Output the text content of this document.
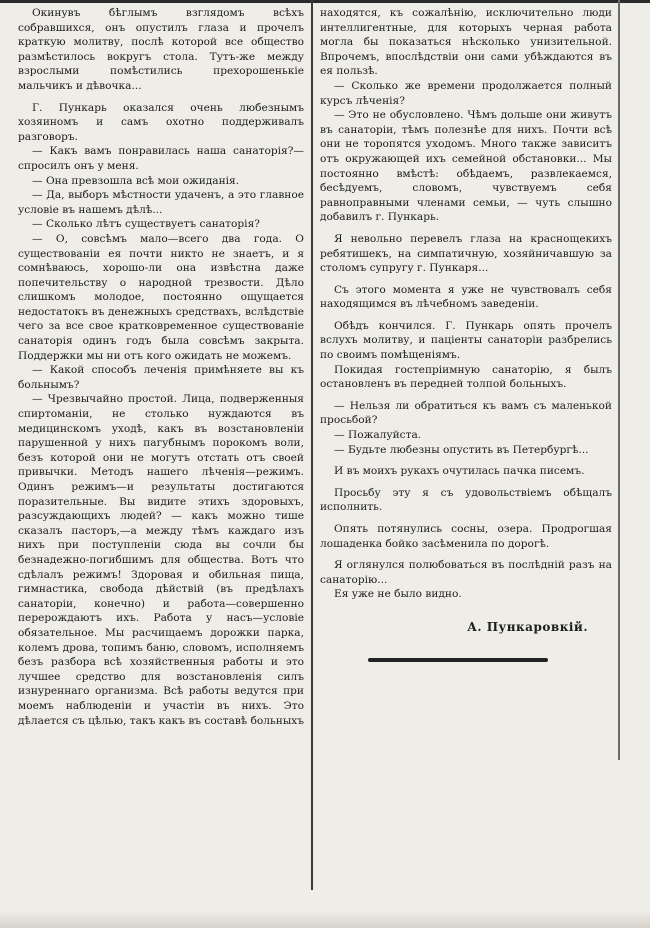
Окинувъ бѣглымъ взглядомъ всѣхъ собравшихся, онъ опустилъ глаза и прочелъ краткую молитву, послѣ которой все общество размѣстилось вокругъ стола. Тутъ-же между взрослыми помѣстились прехорошенькіе мальчикъ и дѣвочка...

Г. Пункарь оказался очень любезнымъ хозяиномъ и самъ охотно поддерживалъ разговоръ.

— Какъ вамъ понравилась наша санаторія?—спросилъ онъ у меня.

— Она превзошла всѣ мои ожиданія.

— Да, выборъ мѣстности удаченъ, а это главное условіе въ нашемъ дѣлѣ...

— Сколько лѣтъ существуетъ санаторія?

— О, совсѣмъ мало—всего два года. О существованіи ея почти никто не знаетъ, и я сомнѣваюсь, хорошо-ли она извѣстна даже попечительству о народной трезвости. Дѣло слишкомъ молодое, постоянно ощущается недостатокъ въ денежныхъ средствахъ, вслѣдствіе чего за все свое кратковременное существованіе санаторія одинъ годъ была совсѣмъ закрыта. Поддержки мы ни отъ кого ожидать не можемъ.

— Какой способъ леченія примѣняете вы къ больнымъ?

— Чрезвычайно простой. Лица, подверженныя спиртоманіи, не столько нуждаются въ медицинскомъ уходѣ, какъ въ возстановленіи парушенной у нихъ пагубнымъ порокомъ воли, безъ которой они не могутъ отстать отъ своей привычки. Методъ нашего лѣченія—режимъ. Одинъ режимъ—и результаты достигаются поразительные. Вы видите этихъ здоровыхъ, разсуждающихъ людей? — какъ можно тише сказалъ пасторъ,—а между тѣмъ каждаго изъ нихъ при поступленіи сюда вы сочли бы безнадежно-погибшимъ для общества. Вотъ что сдѣлалъ режимъ! Здоровая и обильная пища, гимнастика, свобода дѣйствій (въ предѣлахъ санаторіи, конечно) и работа—совершенно перерождаютъ ихъ. Работа у насъ—условіе обязательное. Мы расчищаемъ дорожки парка, колемъ дрова, топимъ баню, словомъ, исполняемъ безъ разбора всѣ хозяйственныя работы и это лучшее средство для возстановленія силъ изнуреннаго организма. Всѣ работы ведутся при моемъ наблюденіи и участіи въ нихъ. Это дѣлается съ цѣлью, такъ какъ въ составѣ больныхъ

находятся, къ сожалѣнію, исключительно люди интеллигентные, для которыхъ черная работа могла бы показаться нѣсколько унизительной. Впрочемъ, впослѣдствіи они сами убѣждаются въ ея пользѣ.

— Сколько же времени продолжается полный курсъ лѣченія?

— Это не обусловлено. Чѣмъ дольше они живутъ въ санаторіи, тѣмъ полезнѣе для нихъ. Почти всѣ они не торопятся уходомъ. Много также зависитъ отъ окружающей ихъ семейной обстановки... Мы постоянно вмѣстѣ: обѣдаемъ, развлекаемся, бесѣдуемъ, словомъ, чувствуемъ себя равноправными членами семьи, — чуть слышно добавилъ г. Пункарь.

Я невольно перевелъ глаза на краснощекихъ ребятишекъ, на симпатичную, хозяйничавшую за столомъ супругу г. Пункаря...

Съ этого момента я уже не чувствовалъ себя находящимся въ лѣчебномъ заведеніи.

Обѣдъ кончился. Г. Пункарь опять прочелъ вслухъ молитву, и паціенты санаторіи разбрелись по своимъ помѣщеніямъ.

Покидая гостепріимную санаторію, я былъ остановленъ въ передней толпой больныхъ.

— Нельзя ли обратиться къ вамъ съ маленькой просьбой?

— Пожалуйста.

— Будьте любезны опустить въ Петербургѣ...

И въ моихъ рукахъ очутилась пачка писемъ.

Просьбу эту я съ удовольствіемъ обѣщалъ исполнить.

Опять потянулись сосны, озера. Продрогшая лошаденка бойко засѣменила по дорогѣ.

Я оглянулся полюбоваться въ послѣдній разъ на санаторію...

Ея уже не было видно.

А. Пункаровкій.
